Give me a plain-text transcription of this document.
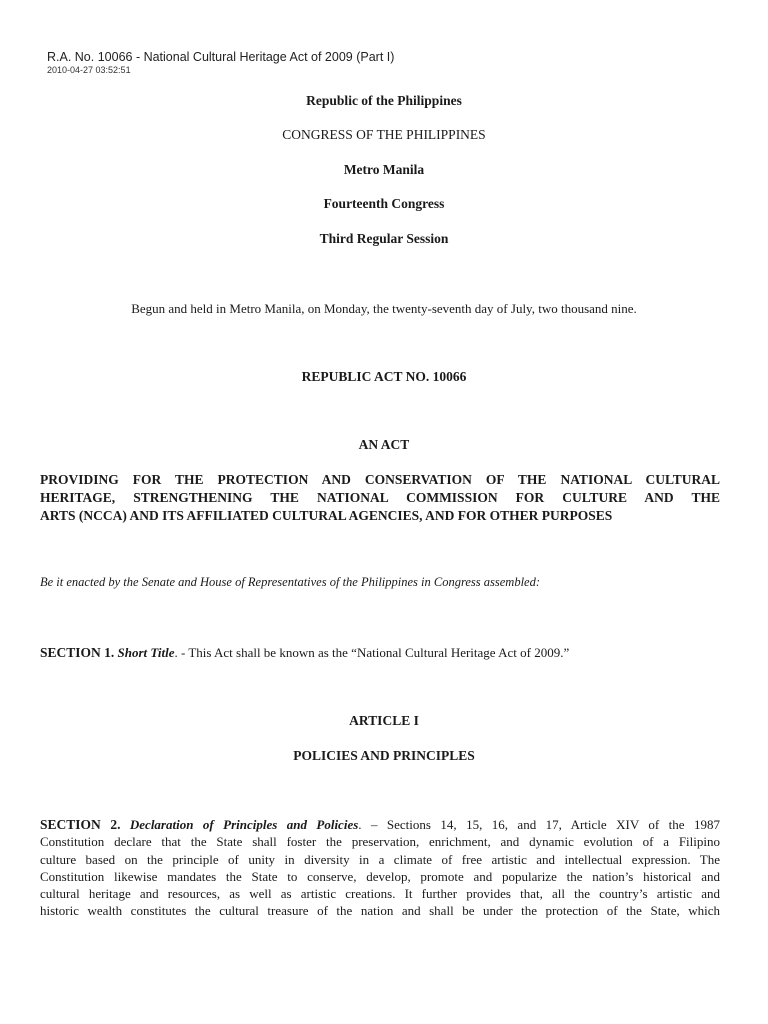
R.A. No. 10066 - National Cultural Heritage Act of 2009 (Part I)
2010-04-27 03:52:51
Republic of the Philippines
CONGRESS OF THE PHILIPPINES
Metro Manila
Fourteenth Congress
Third Regular Session
Begun and held in Metro Manila, on Monday, the twenty-seventh day of July, two thousand nine.
REPUBLIC ACT NO. 10066
AN ACT
PROVIDING FOR THE PROTECTION AND CONSERVATION OF THE NATIONAL CULTURAL
HERITAGE, STRENGTHENING THE NATIONAL COMMISSION FOR CULTURE AND THE
ARTS (NCCA) AND ITS AFFILIATED CULTURAL AGENCIES, AND FOR OTHER PURPOSES
Be it enacted by the Senate and House of Representatives of the Philippines in Congress assembled:
SECTION 1. Short Title. - This Act shall be known as the “National Cultural Heritage Act of 2009.”
ARTICLE I
POLICIES AND PRINCIPLES
SECTION 2. Declaration of Principles and Policies. – Sections 14, 15, 16, and 17, Article XIV of the 1987
Constitution declare that the State shall foster the preservation, enrichment, and dynamic evolution of a Filipino
culture based on the principle of unity in diversity in a climate of free artistic and intellectual expression. The
Constitution likewise mandates the State to conserve, develop, promote and popularize the nation’s historical and
cultural heritage and resources, as well as artistic creations. It further provides that, all the country’s artistic and
historic wealth constitutes the cultural treasure of the nation and shall be under the protection of the State, which
